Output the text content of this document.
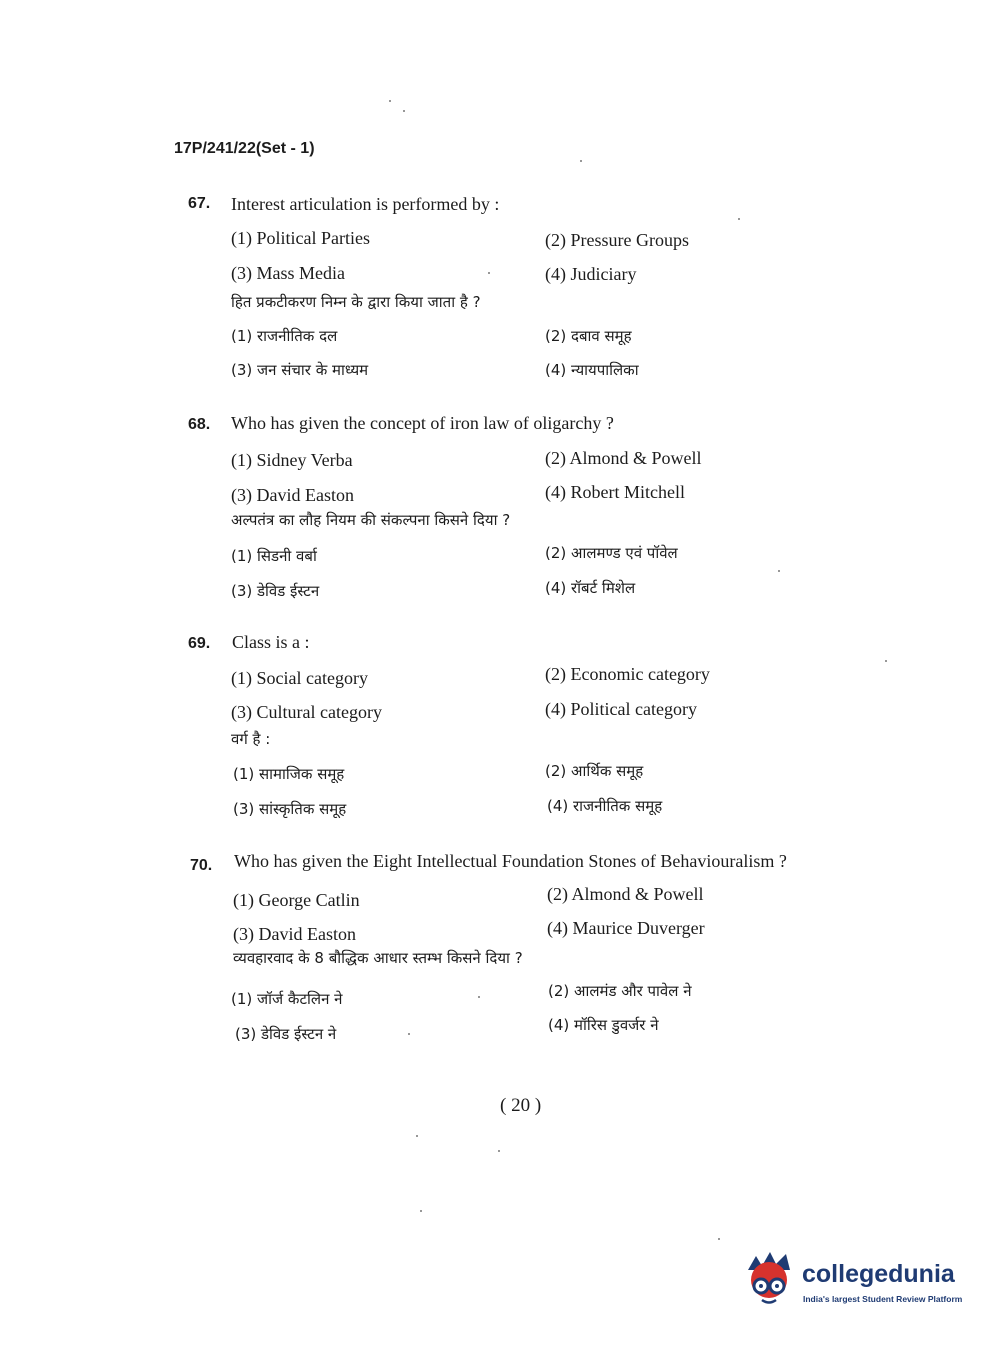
17P/241/22(Set - 1)
67. Interest articulation is performed by :
(1) Political Parties	(2) Pressure Groups
(3) Mass Media	(4) Judiciary
हित प्रकटीकरण निम्न के द्वारा किया जाता है ?
(1) राजनीतिक दल	(2) दबाव समूह
(3) जन संचार के माध्यम	(4) न्यायपालिका
68. Who has given the concept of iron law of oligarchy ?
(1) Sidney Verba	(2) Almond & Powell
(3) David Easton	(4) Robert Mitchell
अल्पतंत्र का लौह नियम की संकल्पना किसने दिया ?
(1) सिडनी वर्बा	(2) आलमण्ड एवं पॉवेल
(3) डेविड ईस्टन	(4) रॉबर्ट मिशेल
69. Class is a :
(1) Social category	(2) Economic category
(3) Cultural category	(4) Political category
वर्ग है :
(1) सामाजिक समूह	(2) आर्थिक समूह
(3) सांस्कृतिक समूह	(4) राजनीतिक समूह
70. Who has given the Eight Intellectual Foundation Stones of Behaviouralism ?
(1) George Catlin	(2) Almond & Powell
(3) David Easton	(4) Maurice Duverger
व्यवहारवाद के 8 बौद्धिक आधार स्तम्भ किसने दिया ?
(1) जॉर्ज कैटलिन ने	(2) आलमंड और पावेल ने
(3) डेविड ईस्टन ने	(4) मॉरिस डुवर्जर ने
( 20 )
collegedunia
India's largest Student Review Platform
